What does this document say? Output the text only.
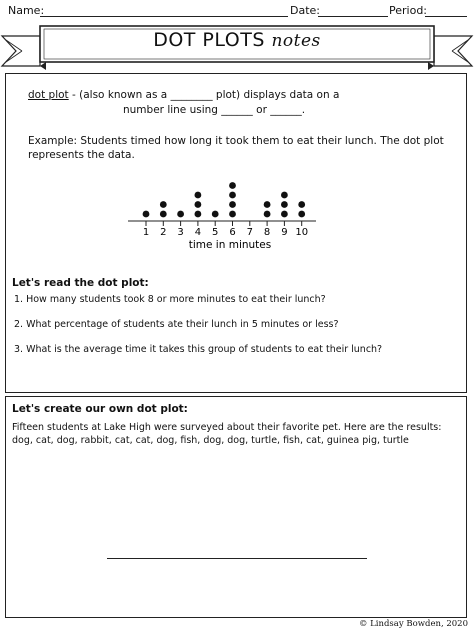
Name:	Date:	Period:
DOT PLOTS notes
dot plot - (also known as a ________ plot) displays data on a
number line using ______ or ______.
Example: Students timed how long it took them to eat their lunch. The dot plot
represents the data.
1 2 3 4 5 6 7 8 9 10
time in minutes
Let's read the dot plot:
1. How many students took 8 or more minutes to eat their lunch?
2. What percentage of students ate their lunch in 5 minutes or less?
3. What is the average time it takes this group of students to eat their lunch?
Let's create our own dot plot:
Fifteen students at Lake High were surveyed about their favorite pet. Here are the results:
dog, cat, dog, rabbit, cat, cat, dog, fish, dog, dog, turtle, fish, cat, guinea pig, turtle
© Lindsay Bowden, 2020
